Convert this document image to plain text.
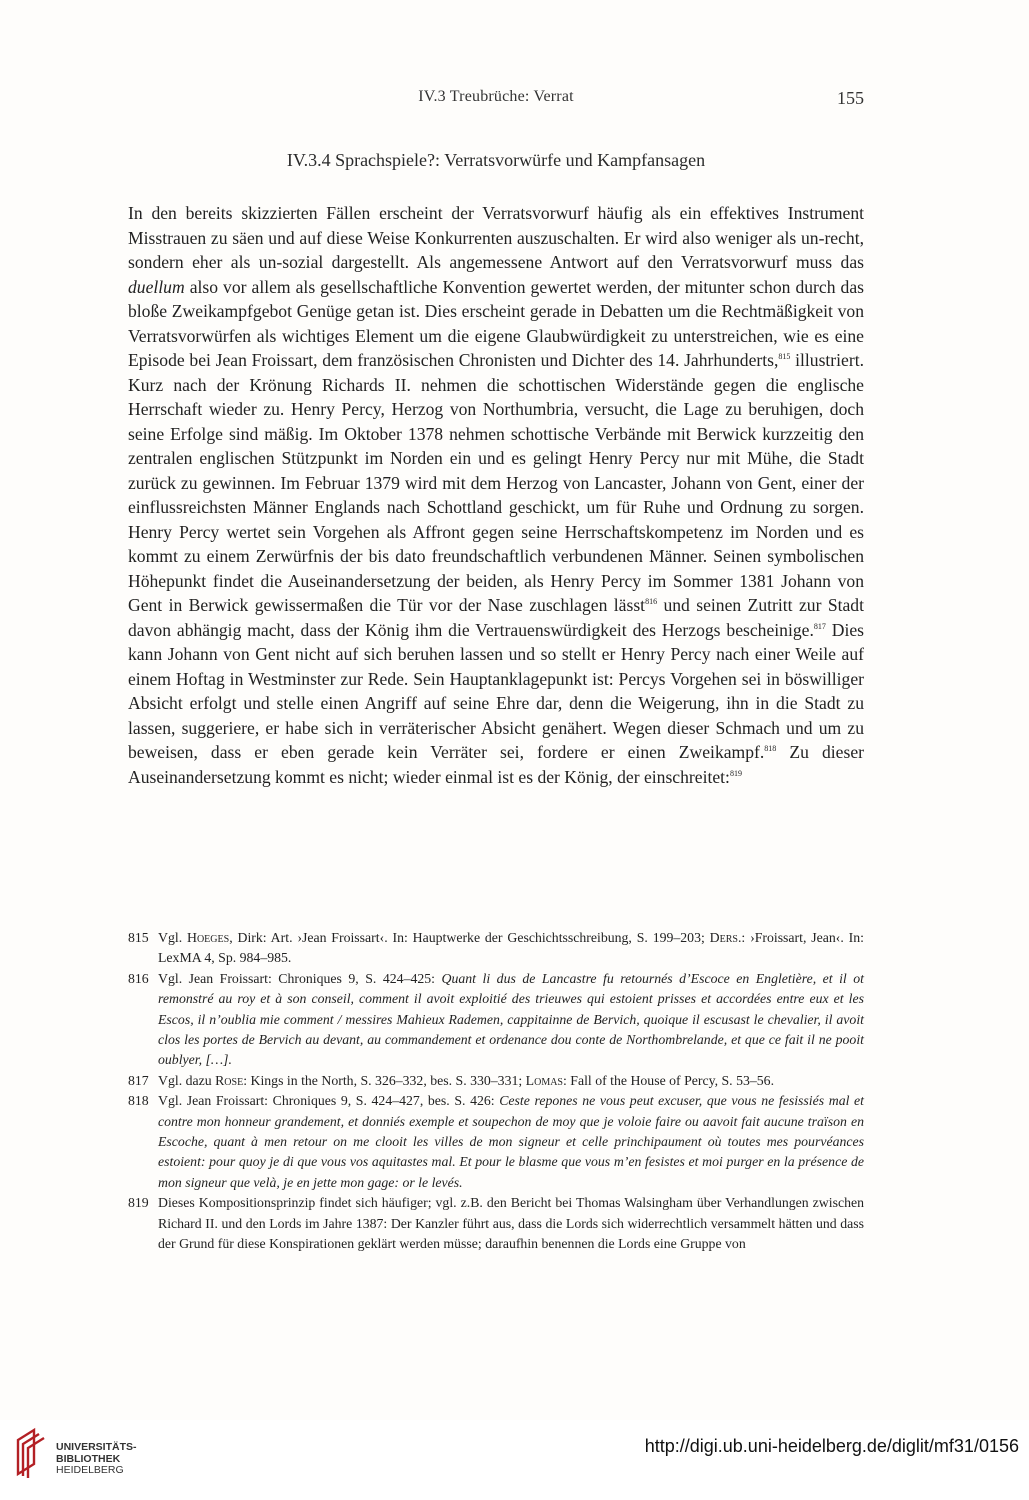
IV.3 Treubrüche: Verrat	155
IV.3.4 Sprachspiele?: Verratsvorwürfe und Kampfansagen

In den bereits skizzierten Fällen erscheint der Verratsvorwurf häufig als ein effektives Instrument Misstrauen zu säen und auf diese Weise Konkurrenten auszuschalten. Er wird also weniger als un-recht, sondern eher als un-sozial dargestellt. Als angemessene Antwort auf den Verratsvorwurf muss das duellum also vor allem als gesellschaftliche Konvention gewertet werden, der mitunter schon durch das bloße Zweikampfgebot Genüge getan ist. Dies erscheint gerade in Debatten um die Rechtmäßigkeit von Verratsvorwürfen als wichtiges Element um die eigene Glaubwürdigkeit zu unterstreichen, wie es eine Episode bei Jean Froissart, dem französischen Chronisten und Dichter des 14. Jahrhunderts,$^{815}$ illustriert. Kurz nach der Krönung Richards II. nehmen die schottischen Widerstände gegen die englische Herrschaft wieder zu. Henry Percy, Herzog von Northumbria, versucht, die Lage zu beruhigen, doch seine Erfolge sind mäßig. Im Oktober 1378 nehmen schottische Verbände mit Berwick kurzzeitig den zentralen englischen Stützpunkt im Norden ein und es gelingt Henry Percy nur mit Mühe, die Stadt zurück zu gewinnen. Im Februar 1379 wird mit dem Herzog von Lancaster, Johann von Gent, einer der einflussreichsten Männer Englands nach Schottland geschickt, um für Ruhe und Ordnung zu sorgen. Henry Percy wertet sein Vorgehen als Affront gegen seine Herrschaftskompetenz im Norden und es kommt zu einem Zerwürfnis der bis dato freundschaftlich verbundenen Männer. Seinen symbolischen Höhepunkt findet die Auseinandersetzung der beiden, als Henry Percy im Sommer 1381 Johann von Gent in Berwick gewissermaßen die Tür vor der Nase zuschlagen lässt$^{816}$ und seinen Zutritt zur Stadt davon abhängig macht, dass der König ihm die Vertrauenswürdigkeit des Herzogs bescheinige.$^{817}$ Dies kann Johann von Gent nicht auf sich beruhen lassen und so stellt er Henry Percy nach einer Weile auf einem Hoftag in Westminster zur Rede. Sein Hauptanklagepunkt ist: Percys Vorgehen sei in böswilliger Absicht erfolgt und stelle einen Angriff auf seine Ehre dar, denn die Weigerung, ihn in die Stadt zu lassen, suggeriere, er habe sich in verräterischer Absicht genähert. Wegen dieser Schmach und um zu beweisen, dass er eben gerade kein Verräter sei, fordere er einen Zweikampf.$^{818}$ Zu dieser Auseinandersetzung kommt es nicht; wieder einmal ist es der König, der einschreitet:$^{819}$

815 Vgl. Hoeges, Dirk: Art. ›Jean Froissart‹. In: Hauptwerke der Geschichtsschreibung, S. 199–203; Ders.: ›Froissart, Jean‹. In: LexMA 4, Sp. 984–985.
816 Vgl. Jean Froissart: Chroniques 9, S. 424–425: Quant li dus de Lancastre fu retournés d’Escoce en Engletière, et il ot remonstré au roy et à son conseil, comment il avoit exploitié des trieuwes qui estoient prisses et accordées entre eux et les Escos, il n’oublia mie comment / messires Mahieux Rademen, cappitainne de Bervich, quoique il escusast le chevalier, il avoit clos les portes de Bervich au devant, au commandement et ordenance dou conte de Northombrelande, et que ce fait il ne pooit oublyer, […].
817 Vgl. dazu Rose: Kings in the North, S. 326–332, bes. S. 330–331; Lomas: Fall of the House of Percy, S. 53–56.
818 Vgl. Jean Froissart: Chroniques 9, S. 424–427, bes. S. 426: Ceste repones ne vous peut excuser, que vous ne fesissiés mal et contre mon honneur grandement, et donniés exemple et soupechon de moy que je voloie faire ou aavoit fait aucune traïson en Escoche, quant à men retour on me clooit les villes de mon signeur et celle princhipaument où toutes mes pourvéances estoient: pour quoy je di que vous vos aquitastes mal. Et pour le blasme que vous m’en fesistes et moi purger en la présence de mon signeur que velà, je en jette mon gage: or le levés.
819 Dieses Kompositionsprinzip findet sich häufiger; vgl. z.B. den Bericht bei Thomas Walsingham über Verhandlungen zwischen Richard II. und den Lords im Jahre 1387: Der Kanzler führt aus, dass die Lords sich widerrechtlich versammelt hätten und dass der Grund für diese Konspirationen geklärt werden müsse; daraufhin benennen die Lords eine Gruppe von
UNIVERSITÄTS-
BIBLIOTHEK
HEIDELBERG
http://digi.ub.uni-heidelberg.de/diglit/mf31/0156
